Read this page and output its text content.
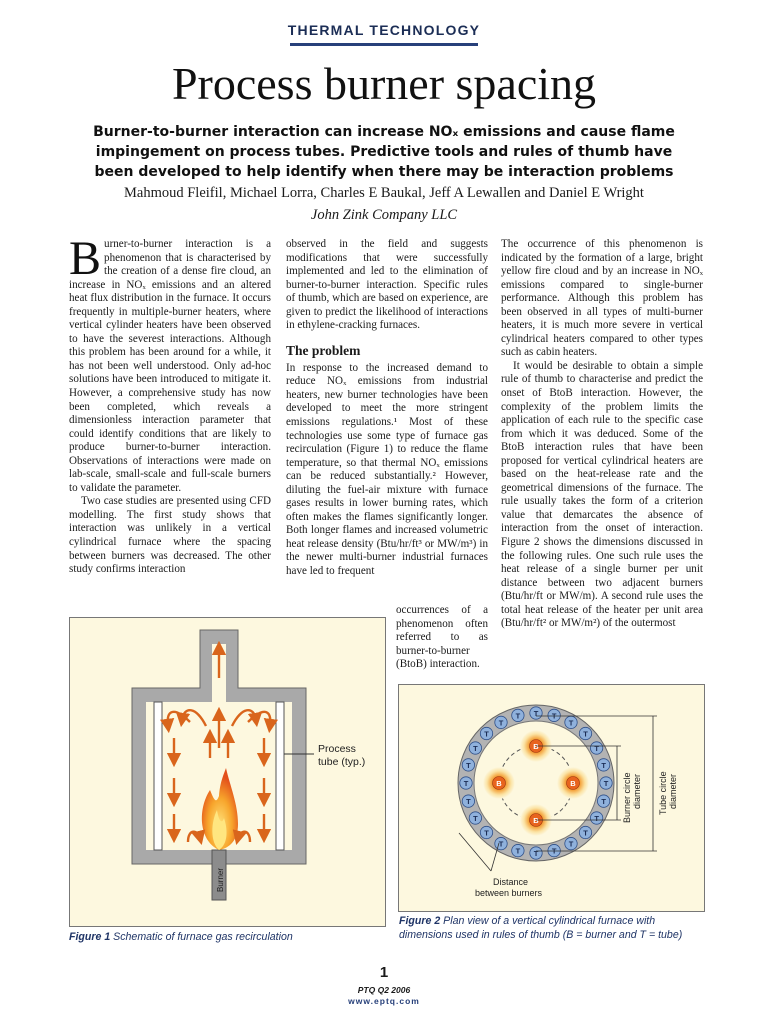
THERMAL TECHNOLOGY
Process burner spacing
Burner-to-burner interaction can increase NOₓ emissions and cause flame impingement on process tubes. Predictive tools and rules of thumb have been developed to help identify when there may be interaction problems
Mahmoud Fleifil, Michael Lorra, Charles E Baukal, Jeff A Lewallen and Daniel E Wright
John Zink Company LLC

Burner-to-burner interaction is a phenomenon that is characterised by the creation of a dense fire cloud, an increase in NOₓ emissions and an altered heat flux distribution in the furnace. It occurs frequently in multiple-burner heaters, where vertical cylinder heaters have been observed to have the severest interactions. Although this problem has been around for a while, it has not been well understood. Only ad-hoc solutions have been introduced to mitigate it. However, a comprehensive study has now been completed, which reveals a dimensionless interaction parameter that could identify conditions that are likely to produce burner-to-burner interaction. Observations of interactions were made on lab-scale, small-scale and full-scale burners to validate the parameter.

Two case studies are presented using CFD modelling. The first study shows that interaction was unlikely in a vertical cylindrical furnace where the spacing between burners was decreased. The other study confirms interaction

observed in the field and suggests modifications that were successfully implemented and led to the elimination of burner-to-burner interaction. Specific rules of thumb, which are based on experience, are given to predict the likelihood of interactions in ethylene-cracking furnaces.

The problem

In response to the increased demand to reduce NOₓ emissions from industrial heaters, new burner technologies have been developed to meet the more stringent emissions regulations.¹ Most of these technologies use some type of furnace gas recirculation (Figure 1) to reduce the flame temperature, so that thermal NOₓ emissions can be reduced substantially.² However, diluting the fuel-air mixture with furnace gases results in lower burning rates, which often makes the flames significantly longer. Both longer flames and increased volumetric heat release density (Btu/hr/ft³ or MW/m³) in the newer multi-burner industrial furnaces have led to frequent

occurrences of a phenomenon often referred to as burner-to-burner (BtoB) interaction.

The occurrence of this phenomenon is indicated by the formation of a large, bright yellow fire cloud and by an increase in NOₓ emissions compared to single-burner performance. Although this problem has been observed in all types of multi-burner heaters, it is much more severe in vertical cylindrical heaters compared to other types such as cabin heaters.

It would be desirable to obtain a simple rule of thumb to characterise and predict the onset of BtoB interaction. However, the complexity of the problem limits the application of each rule to the specific case from which it was deduced. Some of the BtoB interaction rules that have been proposed for vertical cylindrical heaters are based on the heat-release rate and the geometrical dimensions of the furnace. The rule usually takes the form of a criterion value that demarcates the absence of interaction from the onset of interaction. Figure 2 shows the dimensions discussed in the following rules. One such rule uses the heat release of a single burner per unit distance between two adjacent burners (Btu/hr/ft or MW/m). A second rule uses the total heat release of the heater per unit area (Btu/hr/ft² or MW/m²) of the outermost

Process
tube (typ.)
Burner
Figure 1 Schematic of furnace gas recirculation
T
T
T
T
T
T
T
T
T
T
T
T
T
T
T
T
T
T T T
T
T
T
T
B
B
B
B	Burner circle diameter Tube circle diameter
Distance
between burners
Figure 2 Plan view of a vertical cylindrical furnace with dimensions used in rules of thumb (B = burner and T = tube)
1
PTQ Q2 2006
www.eptq.com
